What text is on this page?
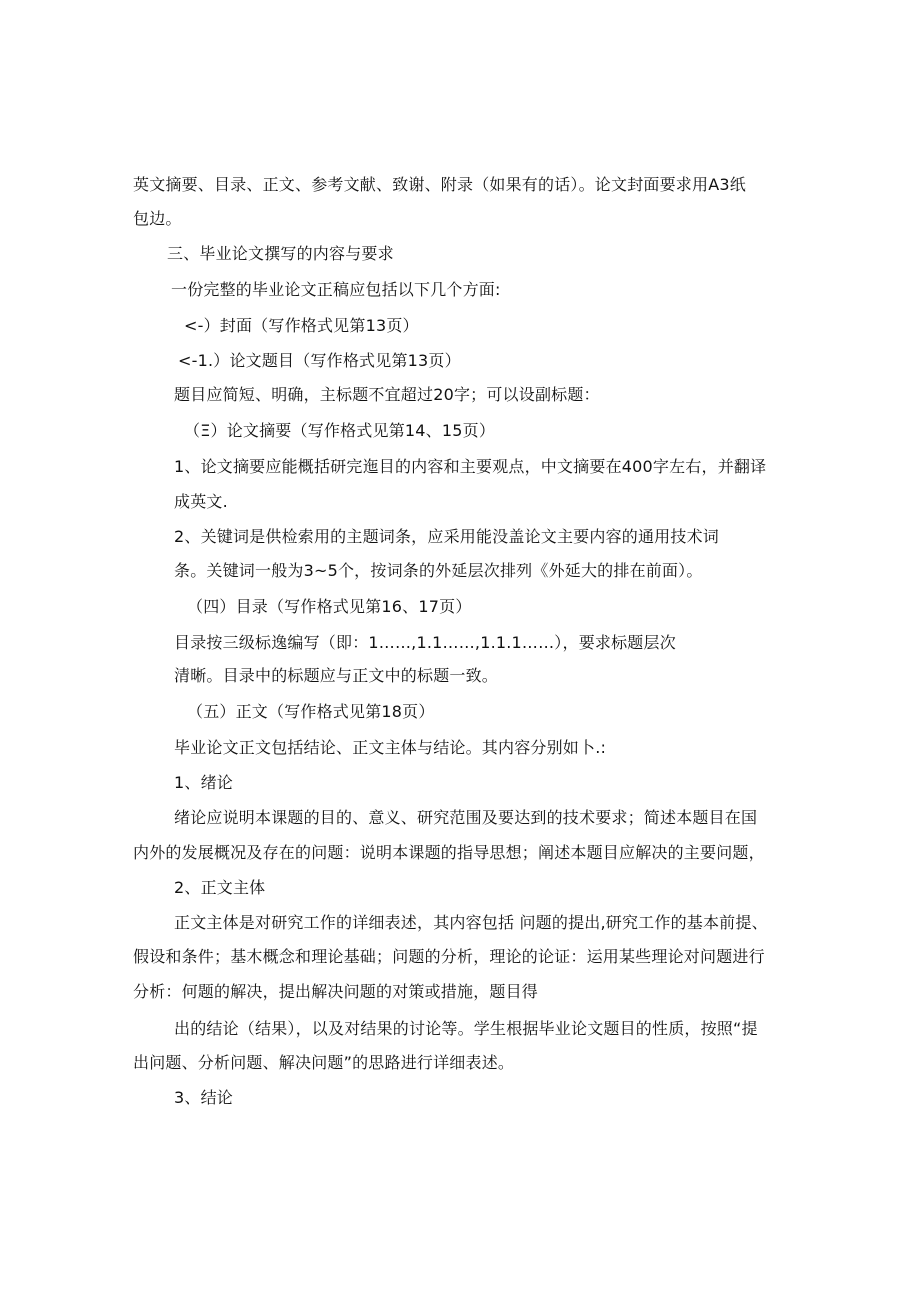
英文摘要、目录、正文、参考文献、致谢、附录（如果有的话）。论文封面要求用A3纸
包边。
三、毕业论文撰写的内容与要求
一份完整的毕业论文正稿应包括以下几个方面:
<-）封面（写作格式见第13页）
<-1.）论文题目（写作格式见第13页）
题目应简短、明确，主标题不宜超过20字；可以设副标题：
（Ξ）论文摘要（写作格式见第14、15页）
1、论文摘要应能概括研完迤目的内容和主要观点，中文摘要在400字左右，并翻译
成英文.
2、关键词是供检索用的主题词条，应采用能没盖论文主要内容的通用技术词
条。关键词一般为3~5个，按词条的外延层次排列《外延大的排在前面）。
（四）目录（写作格式见第16、17页）
目录按三级标逸编写（即：1……,1.1……,1.1.1……），要求标题层次
清晰。目录中的标题应与正文中的标题一致。
（五）正文（写作格式见第18页）
毕业论文正文包括结论、正文主体与结论。其内容分别如卜.:
1、绪论
绪论应说明本课题的目的、意义、研究范围及要达到的技术要求；简述本题目在国
内外的发展概况及存在的问题：说明本课题的指导思想；阐述本题目应解决的主要问题，
2、正文主体
正文主体是对研究工作的详细表述，其内容包括 问题的提出,研究工作的基本前提、
假设和条件；基木概念和理论基础；问题的分析，理论的论证：运用某些理论对问题进行
分析：何题的解决，提出解决问题的对策或措施，题目得
出的结论（结果），以及对结果的讨论等。学生根据毕业论文题目的性质，按照“提
出问题、分析问题、解决问题”的思路进行详细表述。
3、结论
